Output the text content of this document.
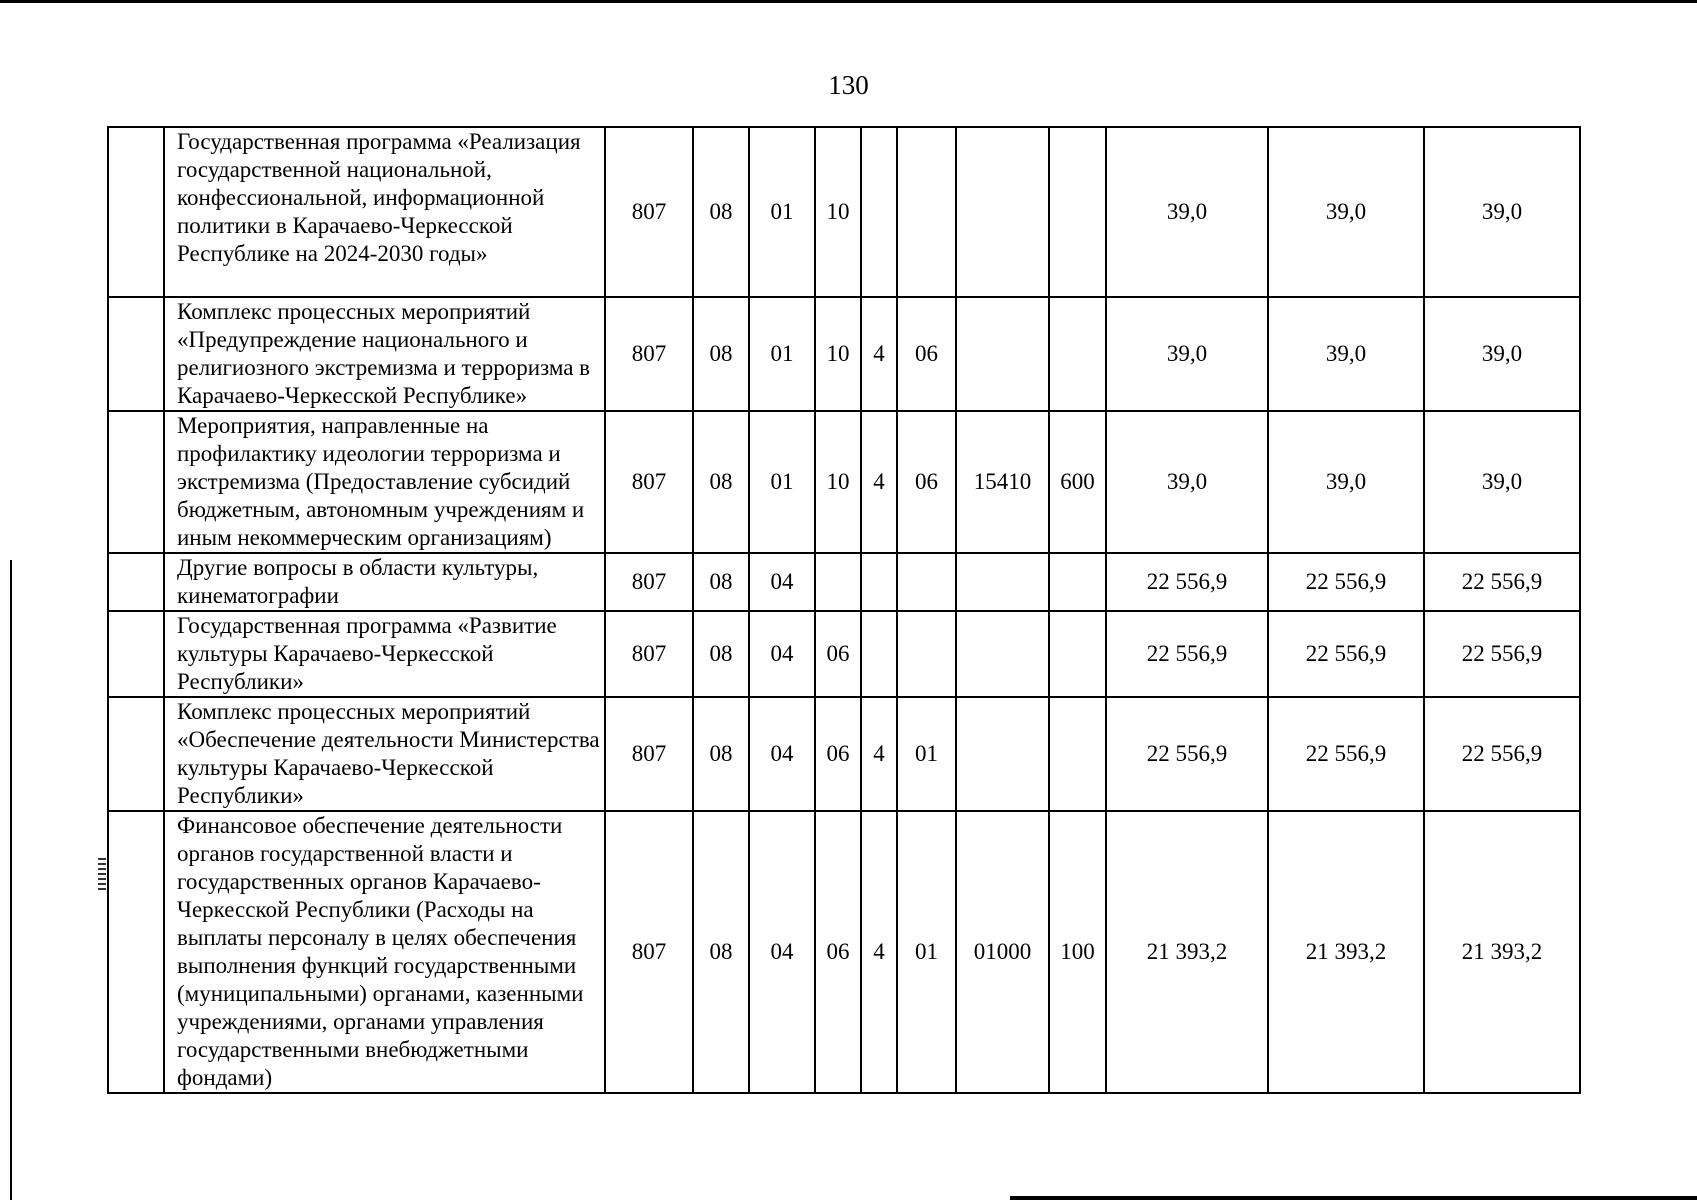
130
	Государственная программа «Реализация государственной национальной, конфессиональной, информационной политики в Карачаево-Черкесской Республике на 2024-2030 годы»	807	08	01	10					39,0	39,0	39,0
	Комплекс процессных мероприятий «Предупреждение национального и религиозного экстремизма и терроризма в Карачаево-Черкесской Республике»	807	08	01	10	4	06			39,0	39,0	39,0
	Мероприятия, направленные на профилактику идеологии терроризма и экстремизма (Предоставление субсидий бюджетным, автономным учреждениям и иным некоммерческим организациям)	807	08	01	10	4	06	15410	600	39,0	39,0	39,0
	Другие вопросы в области культуры, кинематографии	807	08	04						22 556,9	22 556,9	22 556,9
	Государственная программа «Развитие культуры Карачаево-Черкесской Республики»	807	08	04	06					22 556,9	22 556,9	22 556,9
	Комплекс процессных мероприятий «Обеспечение деятельности Министерства культуры Карачаево-Черкесской Республики»	807	08	04	06	4	01			22 556,9	22 556,9	22 556,9
	Финансовое обеспечение деятельности органов государственной власти и государственных органов Карачаево-Черкесской Республики (Расходы на выплаты персоналу в целях обеспечения выполнения функций государственными (муниципальными) органами, казенными учреждениями, органами управления государственными внебюджетными фондами)	807	08	04	06	4	01	01000	100	21 393,2	21 393,2	21 393,2
